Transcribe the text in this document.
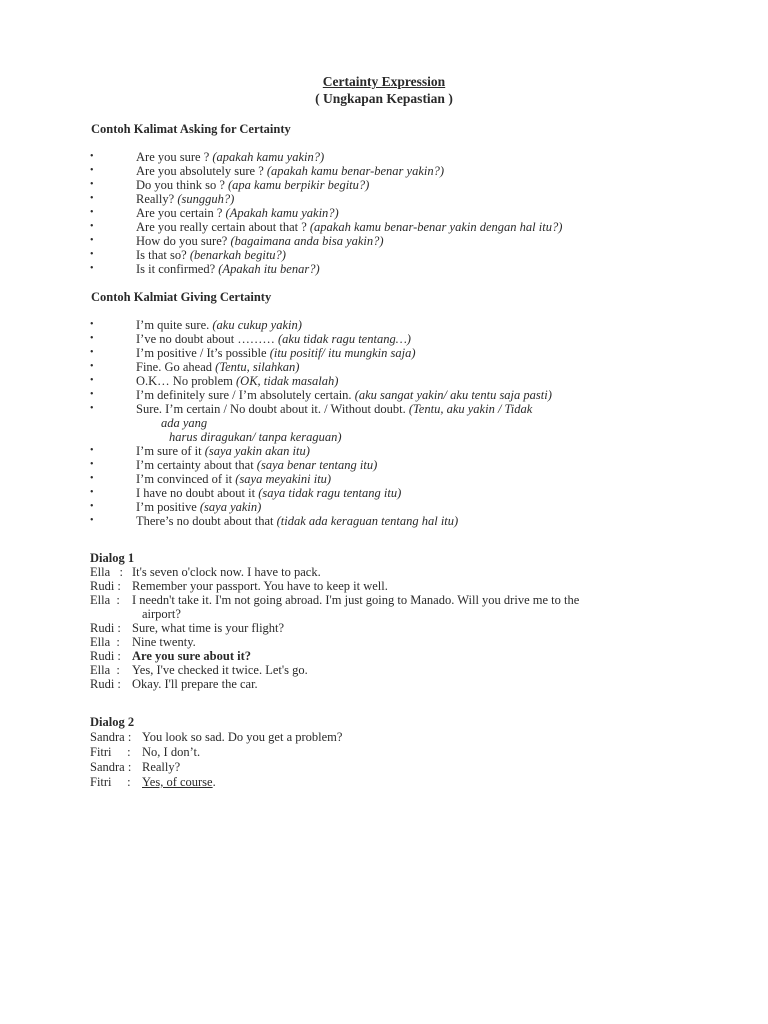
Certainty Expression
( Ungkapan Kepastian )
Contoh Kalimat Asking for Certainty
• Are you sure ? (apakah kamu yakin?)
• Are you absolutely sure ? (apakah kamu benar-benar yakin?)
• Do you think so ? (apa kamu berpikir begitu?)
• Really? (sungguh?)
• Are you certain ? (Apakah kamu yakin?)
• Are you really certain about that ? (apakah kamu benar-benar yakin dengan hal itu?)
• How do you sure? (bagaimana anda bisa yakin?)
• Is that so? (benarkah begitu?)
• Is it confirmed? (Apakah itu benar?)
Contoh Kalmiat Giving Certainty
• I’m quite sure. (aku cukup yakin)
• I’ve no doubt about ……… (aku tidak ragu tentang…)
• I’m positive / It’s possible (itu positif/ itu mungkin saja)
• Fine. Go ahead (Tentu, silahkan)
• O.K… No problem (OK, tidak masalah)
• I’m definitely sure / I’m absolutely certain. (aku sangat yakin/ aku tentu saja pasti)
• Sure. I’m certain / No doubt about it. / Without doubt. (Tentu, aku yakin / Tidak
ada yang
harus diragukan/ tanpa keraguan)
• I’m sure of it (saya yakin akan itu)
• I’m certainty about that (saya benar tentang itu)
• I’m convinced of it (saya meyakini itu)
• I have no doubt about it (saya tidak ragu tentang itu)
• I’m positive (saya yakin)
• There’s no doubt about that (tidak ada keraguan tentang hal itu)
Dialog 1
Ella   : It's seven o'clock now. I have to pack.
Rudi : Remember your passport. You have to keep it well.
Ella  : I needn't take it. I'm not going abroad. I'm just going to Manado. Will you drive me to the
airport?
Rudi : Sure, what time is your flight?
Ella  : Nine twenty.
Rudi : Are you sure about it?
Ella  : Yes, I've checked it twice. Let's go.
Rudi : Okay. I'll prepare the car.
Dialog 2
Sandra : You look so sad. Do you get a problem?
Fitri     : No, I don’t.
Sandra : Really?
Fitri     : Yes, of course.
